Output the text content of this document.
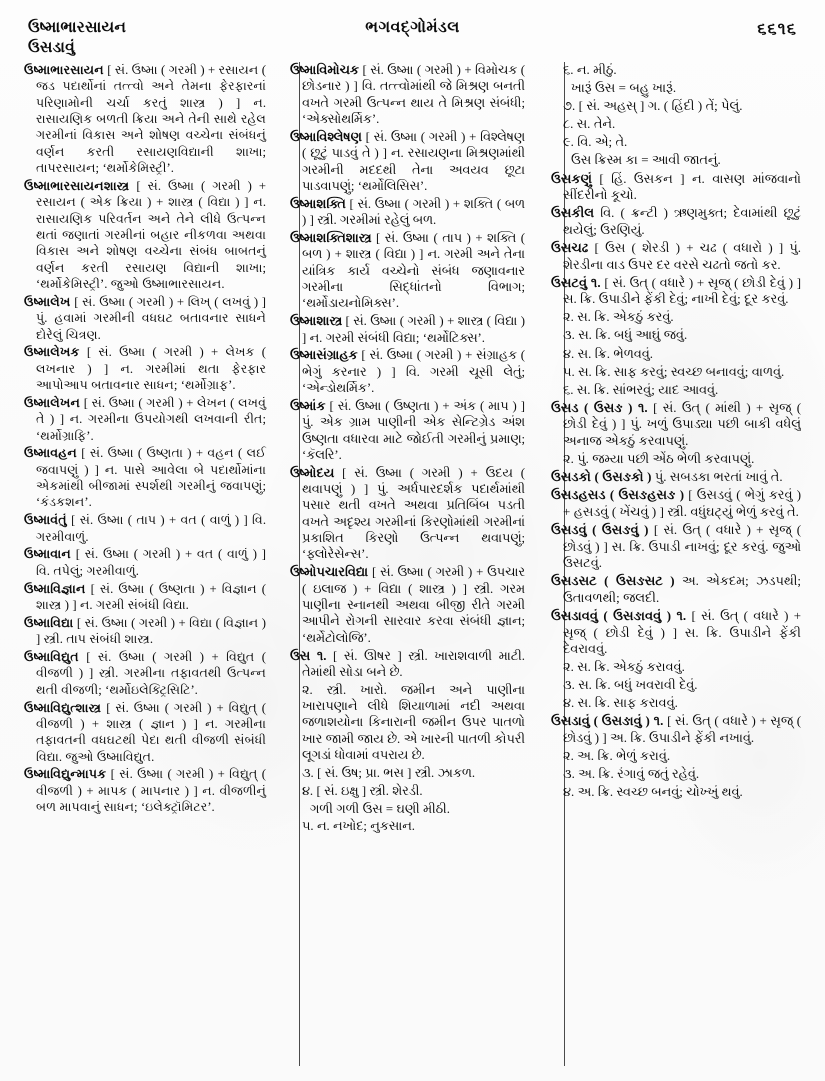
ઉષ્માભારસાયન
ઉસડાવું
ભગવદ્ગોમંડલ	૬૬૧૬

ઉષ્માભારસાયન [ સં. ઉષ્મા ( ગરમી ) + રસાયન ( જડ પદાર્થોનાં તત્ત્વો અને તેમના ફેરફારનાં પરિણામોની ચર્ચા કરતું શાસ્ત્ર ) ] ન. રાસાયણિક બળતી ક્રિયા અને તેની સાથે રહેલ ગરમીનાં વિકાસ અને શોષણ વચ્ચેના સંબંધનું વર્ણન કરતી રસાયણવિદ્યાની શાખા; તાપરસાયન; ‘થર્મોકેમિસ્ટ્રી’.

ઉષ્માભારસાયનશાસ્ત્ર [ સં. ઉષ્મા ( ગરમી ) + રસાયન ( એક ક્રિયા ) + શાસ્ત્ર ( વિદ્યા ) ] ન. રાસાયણિક પરિવર્તન અને તેને લીધે ઉત્પન્ન થતાં જણાતાં ગરમીનાં બહાર નીકળવા અથવા વિકાસ અને શોષણ વચ્ચેના સંબંધ બાબતનું વર્ણન કરતી રસાયણ વિદ્યાની શાખા; ‘થર્મોકેમિસ્ટ્રી’. જુઓ ઉષ્માભારસાયન.

ઉષ્માલેખ [ સં. ઉષ્મા ( ગરમી ) + લિખ્ ( લખવું ) ] પું. હવામાં ગરમીની વધઘટ બતાવનાર સાધને દોરેલું ચિત્રણ.

ઉષ્માલેખક [ સં. ઉષ્મા ( ગરમી ) + લેખક ( લખનાર ) ] ન. ગરમીમાં થતા ફેરફાર આપોઆપ બતાવનાર સાધન; ‘થર્મોગ્રાફ’.

ઉષ્માલેખન [ સં. ઉષ્મા ( ગરમી ) + લેખન ( લખવું તે ) ] ન. ગરમીના ઉપયોગથી લખવાની રીત; ‘થર્મોગ્રાફિ’.

ઉષ્માવહન [ સં. ઉષ્મા ( ઉષ્ણતા ) + વહન ( લઈ જવાપણું ) ] ન. પાસે આવેલા બે પદાર્થોમાંના એકમાંથી બીજામાં સ્પર્શથી ગરમીનું જવાપણું; ‘કંડકશન’.

ઉષ્માવંતું [ સં. ઉષ્મા ( તાપ ) + વત ( વાળું ) ] વિ. ગરમીવાળું.

ઉષ્માવાન [ સં. ઉષ્મા ( ગરમી ) + વત ( વાળું ) ] વિ. તપેલું; ગરમીવાળું.

ઉષ્માવિજ્ઞાન [ સં. ઉષ્મા ( ઉષ્ણતા ) + વિજ્ઞાન ( શાસ્ત્ર ) ] ન. ગરમી સંબંધી વિદ્યા.

ઉષ્માવિદ્યા [ સં. ઉષ્મા ( ગરમી ) + વિદ્યા ( વિજ્ઞાન ) ] સ્ત્રી. તાપ સંબંધી શાસ્ત્ર.

ઉષ્માવિદ્યુત [ સં. ઉષ્મા ( ગરમી ) + વિદ્યુત ( વીજળી ) ] સ્ત્રી. ગરમીના તફાવતથી ઉત્પન્ન થતી વીજળી; ‘થર્મોઇલેક્ટ્રિસિટિ’.

ઉષ્માવિદ્યુત્શાસ્ત્ર [ સં. ઉષ્મા ( ગરમી ) + વિદ્યુત્ ( વીજળી ) + શાસ્ત્ર ( જ્ઞાન ) ] ન. ગરમીના તફાવતની વધઘટથી પેદા થતી વીજળી સંબંધી વિદ્યા. જુઓ ઉષ્માવિદ્યુત.

ઉષ્માવિદ્યુન્માપક [ સં. ઉષ્મા ( ગરમી ) + વિદ્યુત્ ( વીજળી ) + માપક ( માપનાર ) ] ન. વીજળીનું બળ માપવાનું સાધન; ‘ઇલેક્ટ્રૉમિટર’.

ઉષ્માવિમોચક [ સં. ઉષ્મા ( ગરમી ) + વિમોચક ( છોડનાર ) ] વિ. તત્ત્વોમાંથી જે મિશ્રણ બનતી વખતે ગરમી ઉત્પન્ન થાય તે મિશ્રણ સંબંધી; ‘એક્સોથર્મિક’.

ઉષ્માવિશ્લેષણ [ સં. ઉષ્મા ( ગરમી ) + વિશ્લેષણ ( છૂટું પાડવું તે ) ] ન. રસાયણના મિશ્રણમાંથી ગરમીની મદદથી તેના અવયવ છૂટા પાડવાપણું; ‘થર્મોલિસિસ’.

ઉષ્માશક્તિ [ સં. ઉષ્મા ( ગરમી ) + શક્તિ ( બળ ) ] સ્ત્રી. ગરમીમાં રહેલું બળ.

ઉષ્માશક્તિશાસ્ત્ર [ સં. ઉષ્મા ( તાપ ) + શક્તિ ( બળ ) + શાસ્ત્ર ( વિદ્યા ) ] ન. ગરમી અને તેના યાંત્રિક કાર્ય વચ્ચેનો સંબંધ જણાવનાર ગરમીના સિદ્ધાંતનો વિભાગ; ‘થર્મોડાયનોમિક્સ’.

ઉષ્માશાસ્ત્ર [ સં. ઉષ્મા ( ગરમી ) + શાસ્ત્ર ( વિદ્યા ) ] ન. ગરમી સંબંધી વિદ્યા; ‘થર્મોટિક્સ’.

ઉષ્માસંગ્રાહક [ સં. ઉષ્મા ( ગરમી ) + સંગ્રાહક ( ભેગું કરનાર ) ] વિ. ગરમી ચૂસી લેતું; ‘એન્ડોથર્મિક’.

ઉષ્માંક [ સં. ઉષ્મા ( ઉષ્ણતા ) + અંક ( માપ ) ] પું. એક ગ્રામ પાણીની એક સેન્ટિગ્રેડ અંશ ઉષ્ણતા વધારવા માટે જોઈતી ગરમીનું પ્રમાણ; ‘કૅલરિ’.

ઉષ્મોદય [ સં. ઉષ્મા ( ગરમી ) + ઉદય ( થવાપણું ) ] પું. અર્ધપારદર્શક પદાર્થમાંથી પસાર થતી વખતે અથવા પ્રતિબિંબ પડતી વખતે અદૃશ્ય ગરમીનાં કિરણોમાંથી ગરમીનાં પ્રકાશિત કિરણો ઉત્પન્ન થવાપણું; ‘ફ્લોરેસેન્સ’.

ઉષ્મોપચારવિદ્યા [ સં. ઉષ્મા ( ગરમી ) + ઉપચાર ( ઇલાજ ) + વિદ્યા ( શાસ્ત્ર ) ] સ્ત્રી. ગરમ પાણીના સ્નાનથી અથવા બીજી રીતે ગરમી આપીને રોગની સારવાર કરવા સંબંધી જ્ઞાન; ‘થર્મેટોલોજિ’.

ઉસ ૧. [ સં. ઊષર ] સ્ત્રી. ખારાશવાળી માટી. તેમાંથી સોડા બને છે.

૨. સ્ત્રી. ખારો. જમીન અને પાણીના ખારાપણાને લીધે શિયાળામાં નદી અથવા જળાશયોના કિનારાની જમીન ઉપર પાતળો ખાર જામી જાય છે. એ ખારની પાતળી કોપરી લૂગડાં ધોવામાં વપરાય છે.

૩. [ સં. ઉષ; પ્રા. ભસ ] સ્ત્રી. ઝાકળ.

૪. [ સં. ઇક્ષુ ] સ્ત્રી. શેરડી.

ગળી ગળી ઉસ = ઘણી મીઠી.

૫. ન. નખોદ; નુકસાન.

૬. ન. મીઠું.

ખારૂં ઉસ = બહુ ખારૂં.

૭. [ સં. અહસ્ ] ગ. ( હિંદી ) તેં; પેલું.

૮. સ. તેને.

૯. વિ. એ; તે.

ઉસ ક્રિસ્મ કા = આવી જાતનું.

ઉસકણું [ હિં. ઉસકન ] ન. વાસણ માંજવાનો સીંદરીનો કૂચો.

ઉસકીલ વિ. ( ક્રન્ટી ) ઋણમુક્ત; દેવામાંથી છૂટું થયેલું; ઉરણિયું.

ઉસચઢ [ ઉસ ( શેરડી ) + ચઢ ( વધારો ) ] પું. શેરડીના વાડ ઉપર દર વરસે ચઢતો જતો કર.

ઉસટવું ૧. [ સં. ઉત્ ( વધારે ) + સૃજ્ ( છોડી દેવું ) ] સ. ક્રિ. ઉપાડીને ફેંકી દેવું; નાખી દેવું; દૂર કરવું.

૨. સ. ક્રિ. એકઠું કરવું.

૩. સ. ક્રિ. બધું આઘું જવું.

૪. સ. ક્રિ. ભેળવવું.

૫. સ. ક્રિ. સાફ કરવું; સ્વચ્છ બનાવવું; વાળવું.

૬. સ. ક્રિ. સાંભરવું; યાદ આવવું.

ઉસડ ( ઉસઙ ) ૧. [ સં. ઉત્ ( માંથી ) + સૃજ્ ( છોડી દેવું ) ] પું. ખળું ઉપાડ્યા પછી બાકી વધેલું અનાજ એકઠું કરવાપણું.

૨. પું. જમ્યા પછી એંઠ ભેળી કરવાપણું.

ઉસડકો ( ઉસઙકો ) પું. સબડકા ભરતાં ખાવું તે.

ઉસડહસડ ( ઉસઙહસઙ ) [ ઉસડવું ( ભેગું કરવું ) + હસડવું ( ખેંચવું ) ] સ્ત્રી. વધુંઘટ્યું ભેળું કરવું તે.

ઉસડવું ( ઉસઙવું ) [ સં. ઉત્ ( વધારે ) + સૃજ્ ( છોડવું ) ] સ. ક્રિ. ઉપાડી નાખવું; દૂર કરવું. જુઓ ઉસટવું.

ઉસડસટ ( ઉસઙસટ ) અ. એકદમ; ઝડપથી; ઉતાવળથી; જલદી.

ઉસડાવવું ( ઉસઙાવવું ) ૧. [ સં. ઉત્ ( વધારે ) + સૃજ્ ( છોડી દેવું ) ] સ. ક્રિ. ઉપાડીને ફેંકી દેવરાવવું.

૨. સ. ક્રિ. એકઠું કરાવવું.

૩. સ. ક્રિ. બધું ખવરાવી દેવું.

૪. સ. ક્રિ. સાફ કરાવવું.

ઉસડાવું ( ઉસઙાવું ) ૧. [ સં. ઉત્ ( વધારે ) + સૃજ્ ( છોડવું ) ] અ. ક્રિ. ઉપાડીને ફેંકી નખાવું.

૨. અ. ક્રિ. ભેળું કરાવું.

૩. અ. ક્રિ. રંગાવું જતું રહેવું.

૪. અ. ક્રિ. સ્વચ્છ બનવું; ચોખ્ખું થવું.
